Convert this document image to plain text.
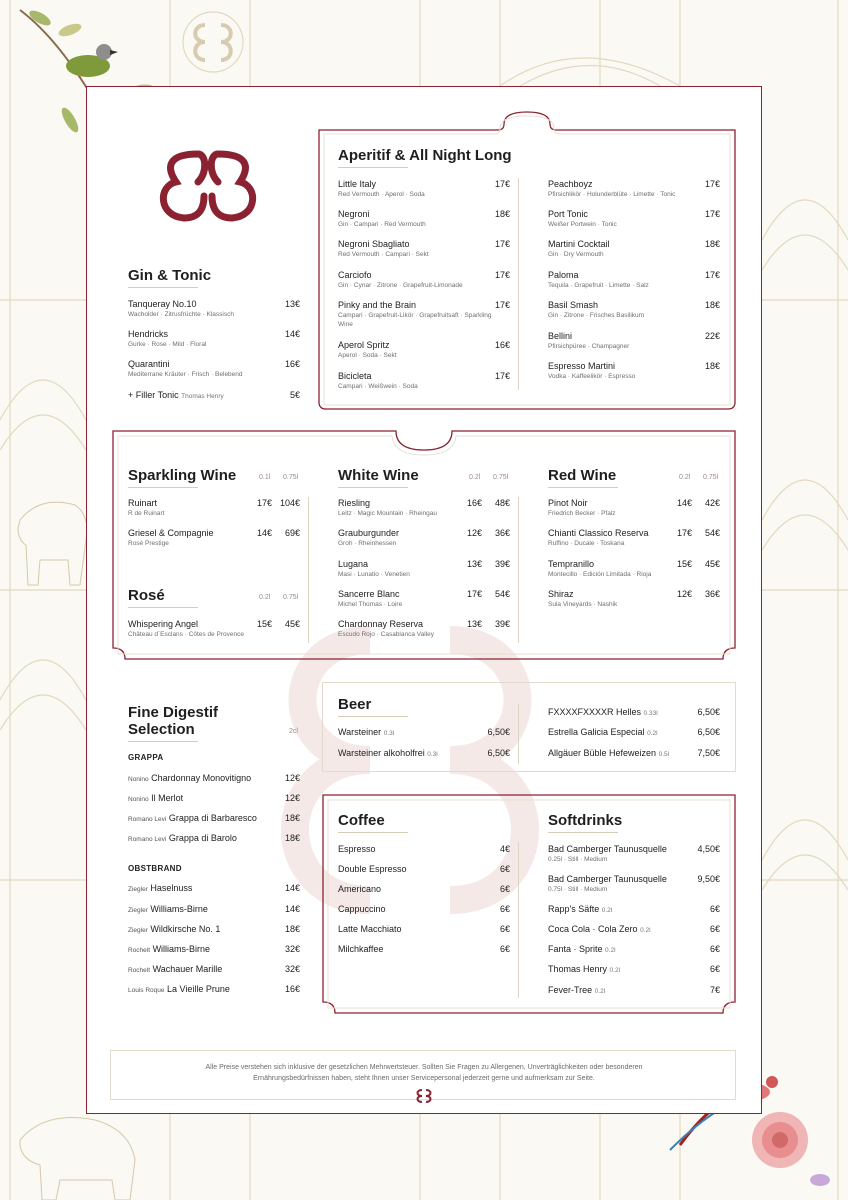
Gin & Tonic
Tanqueray No.10
Wacholder · Zitrusfrüchte · Klassisch
13€
Hendricks
Gurke · Rose · Mild · Floral
14€
Quarantini
Mediterrane Kräuter · Frisch · Belebend
16€
+ Filler Tonic Thomas Henry	5€
Aperitif & All Night Long
Little Italy
Red Vermouth · Aperol · Soda
17€
Negroni
Gin · Campari · Red Vermouth
18€
Negroni Sbagliato
Red Vermouth · Campari · Sekt
17€
Carciofo
Gin · Cynar · Zitrone · Grapefruit-Limonade
17€
Pinky and the Brain
Campari · Grapefruit-Likör · Grapefruitsaft · Sparkling Wine
17€
Aperol Spritz
Aperol · Soda · Sekt
16€
Bicicleta
Campari · Weißwein · Soda
17€
Peachboyz
Pfirsichlikör · Holunderblüte · Limette · Tonic
17€
Port Tonic
Weißer Portwein · Tonic
17€
Martini Cocktail
Gin · Dry Vermouth
18€
Paloma
Tequila · Grapefruit · Limette · Salz
17€
Basil Smash
Gin · Zitrone · Frisches Basilikum
18€
Bellini
Pfirsichpüree · Champagner
22€
Espresso Martini
Vodka · Kaffeelikör · Espresso
18€
Sparkling Wine	0.1l 0.75l
Ruinart
R de Ruinart
17€ 104€
Griesel & Compagnie
Rosé Prestige
14€	69€
Rosé	0.2l 0.75l
Whispering Angel
Château d´Esclans · Côtes de Provence
15€	45€
White Wine	0.2l 0.75l
Riesling
Leitz · Magic Mountain · Rheingau
16€	48€
Grauburgunder
Groh · Rheinhessen
12€	36€
Lugana
Masi · Lunatio · Venetien
13€	39€
Sancerre Blanc
Michel Thomas · Loire
17€	54€
Chardonnay Reserva
Escudo Rojo · Casablanca Valley
13€	39€
Red Wine	0.2l 0.75l
Pinot Noir
Friedrich Becker · Pfalz
14€	42€
Chianti Classico Reserva
Ruffino · Ducale · Toskana
17€	54€
Tempranillo
Montecillo · Edición Limitada · Rioja
15€	45€
Shiraz
Sula Vineyards · Nashik
12€	36€
Fine Digestif
Selection	2cl
GRAPPA
Nonino Chardonnay Monovitigno	12€
Nonino Il Merlot	12€
Romano Levi Grappa di Barbaresco	18€
Romano Levi Grappa di Barolo	18€
OBSTBRAND
Ziegler Haselnuss	14€
Ziegler Williams-Birne	14€
Ziegler Wildkirsche No. 1	18€
Rochelt Williams-Birne	32€
Rochelt Wachauer Marille	32€
Louis Roque La Vieille Prune	16€
Beer
Warsteiner 0.3l	6,50€
Warsteiner alkoholfrei 0.3l	6,50€
FXXXXFXXXXR Helles 0.33l	6,50€
Estrella Galicia Especial 0.2l	6,50€
Allgäuer Büble Hefeweizen 0.5l	7,50€
Coffee
Espresso	4€
Double Espresso	6€
Americano	6€
Cappuccino	6€
Latte Macchiato	6€
Milchkaffee	6€
Softdrinks
Bad Camberger Taunusquelle
0.25l · Still · Medium
4,50€
Bad Camberger Taunusquelle
0.75l · Still · Medium
9,50€
Rapp's Säfte 0.2l	6€
Coca Cola · Cola Zero 0.2l	6€
Fanta · Sprite 0.2l	6€
Thomas Henry 0.2l	6€
Fever-Tree 0.2l	7€
Alle Preise verstehen sich inklusive der gesetzlichen Mehrwertsteuer. Sollten Sie Fragen zu Allergenen, Unverträglichkeiten oder besonderen
Ernährungsbedürfnissen haben, steht Ihnen unser Servicepersonal jederzeit gerne und aufmerksam zur Seite.
